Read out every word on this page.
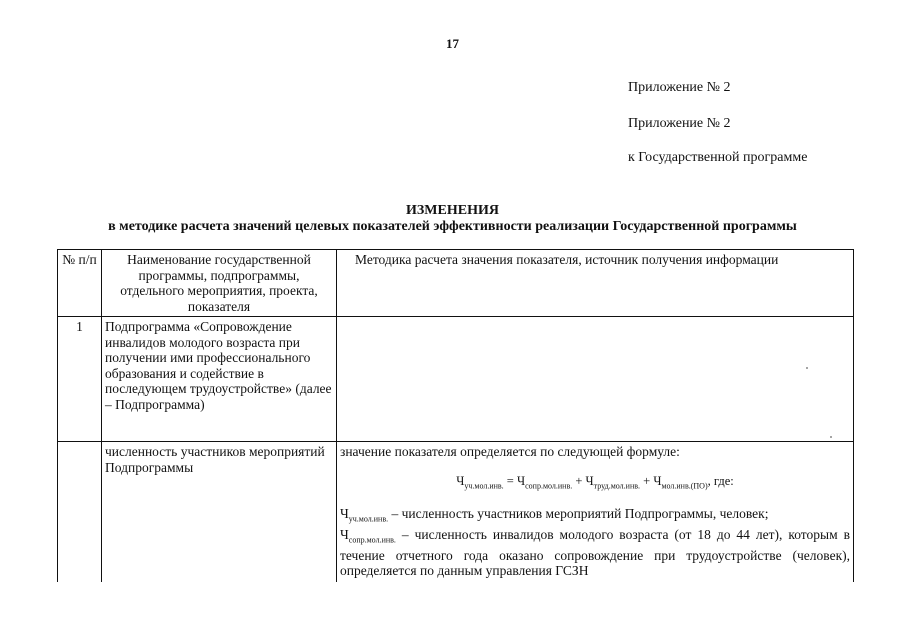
17
Приложение № 2
Приложение № 2
к Государственной программе
ИЗМЕНЕНИЯ
в методике расчета значений целевых показателей эффективности реализации Государственной программы
№ п/п	Наименование государственной программы, подпрограммы, отдельного мероприятия, проекта, показателя	Методика расчета значения показателя, источник получения информации
1	Подпрограмма «Сопровождение инвалидов молодого возраста при получении ими профессионального образования и содействие в последующем трудоустройстве» (далее – Подпрограмма)	
	численность участников мероприятий Подпрограммы	значение показателя определяется по следующей формуле:

$Ч_{уч.мол.инв.} = Ч_{сопр.мол.инв.} + Ч_{труд.мол.инв.} + Ч_{мол.инв.(ПО)}$, где:

$Ч_{уч.мол.инв.}$ – численность участников мероприятий Подпрограммы, человек;

$Ч_{сопр.мол.инв.}$ – численность инвалидов молодого возраста (от 18 до 44 лет), которым в течение отчетного года оказано сопровождение при трудоустройстве (человек), определяется по данным управления ГСЗН
